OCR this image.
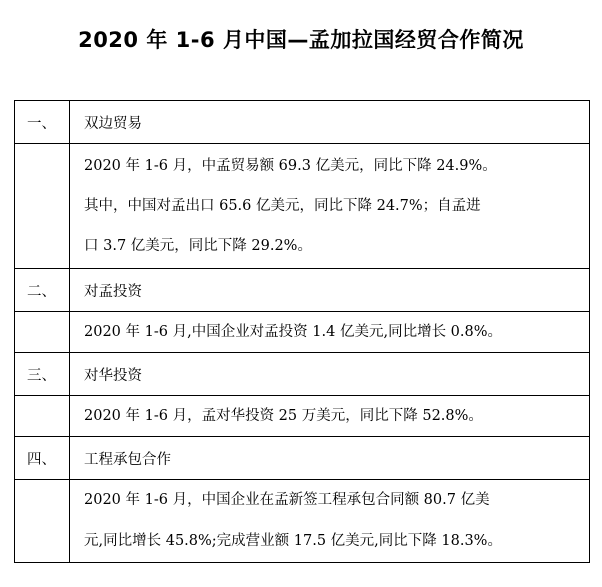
2020 年 1-6 月中国—孟加拉国经贸合作简况
一、	双边贸易

	2020 年 1-6 月，中孟贸易额 69.3 亿美元，同比下降 24.9%。
其中，中国对孟出口 65.6 亿美元，同比下降 24.7%；自孟进
口 3.7 亿美元，同比下降 29.2%。

二、	对孟投资

	2020 年 1-6 月,中国企业对孟投资 1.4 亿美元,同比增长 0.8%。

三、	对华投资

	2020 年 1-6 月，孟对华投资 25 万美元，同比下降 52.8%。

四、	工程承包合作

	2020 年 1-6 月，中国企业在孟新签工程承包合同额 80.7 亿美
元,同比增长 45.8%;完成营业额 17.5 亿美元,同比下降 18.3%。
